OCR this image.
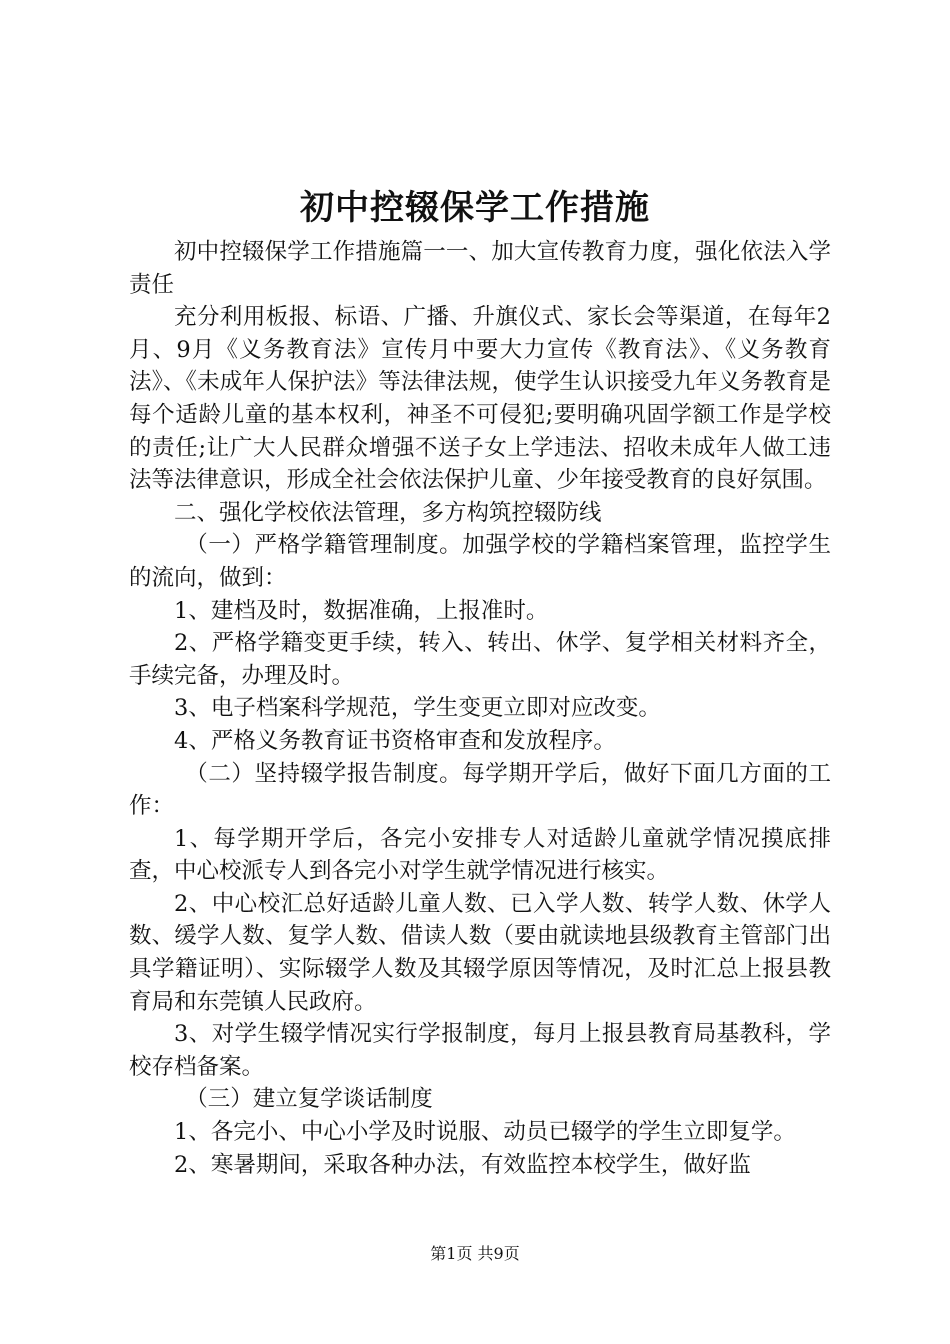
初中控辍保学工作措施

初中控辍保学工作措施篇一一、加大宣传教育力度，强化依法入学责任

充分利用板报、标语、广播、升旗仪式、家长会等渠道，在每年2月、9月《义务教育法》宣传月中要大力宣传《教育法》、《义务教育法》、《未成年人保护法》等法律法规，使学生认识接受九年义务教育是每个适龄儿童的基本权利，神圣不可侵犯;要明确巩固学额工作是学校的责任;让广大人民群众增强不送子女上学违法、招收未成年人做工违法等法律意识，形成全社会依法保护儿童、少年接受教育的良好氛围。

二、强化学校依法管理，多方构筑控辍防线

（一）严格学籍管理制度。加强学校的学籍档案管理，监控学生的流向，做到：

1、建档及时，数据准确，上报准时。

2、严格学籍变更手续，转入、转出、休学、复学相关材料齐全，手续完备，办理及时。

3、电子档案科学规范，学生变更立即对应改变。

4、严格义务教育证书资格审查和发放程序。

（二）坚持辍学报告制度。每学期开学后，做好下面几方面的工作：

1、每学期开学后，各完小安排专人对适龄儿童就学情况摸底排查，中心校派专人到各完小对学生就学情况进行核实。

2、中心校汇总好适龄儿童人数、已入学人数、转学人数、休学人数、缓学人数、复学人数、借读人数（要由就读地县级教育主管部门出具学籍证明）、实际辍学人数及其辍学原因等情况，及时汇总上报县教育局和东莞镇人民政府。

3、对学生辍学情况实行学报制度，每月上报县教育局基教科，学校存档备案。

（三）建立复学谈话制度

1、各完小、中心小学及时说服、动员已辍学的学生立即复学。

2、寒暑期间，采取各种办法，有效监控本校学生，做好监

第1页 共9页
